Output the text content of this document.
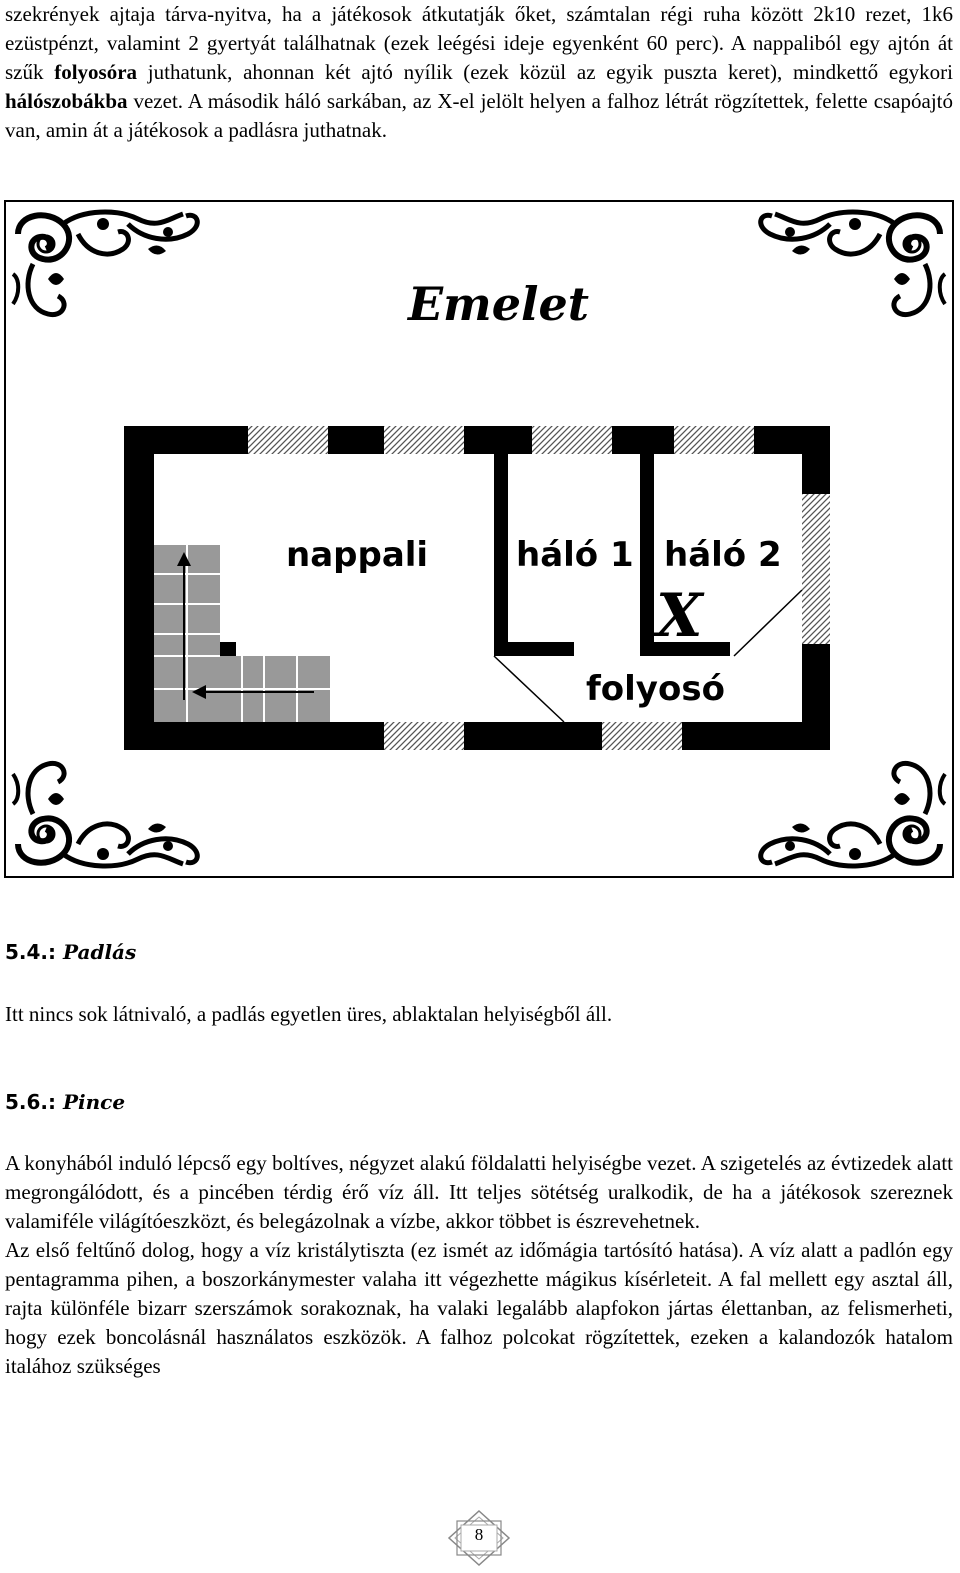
szekrények ajtaja tárva-nyitva, ha a játékosok átkutatják őket, számtalan régi ruha között 2k10 rezet, 1k6 ezüstpénzt, valamint 2 gyertyát találhatnak (ezek leégési ideje egyenként 60 perc). A nappaliból egy ajtón át szűk folyosóra juthatunk, ahonnan két ajtó nyílik (ezek közül az egyik puszta keret), mindkettő egykori hálószobákba vezet. A második háló sarkában, az X-el jelölt helyen a falhoz létrát rögzítettek, felette csapóajtó van, amin át a játékosok a padlásra juthatnak.

Emelet
nappali	háló 1 háló 2
folyosó
X
5.4.: Padlás

Itt nincs sok látnivaló, a padlás egyetlen üres, ablaktalan helyiségből áll.

5.6.: Pince
A konyhából induló lépcső egy boltíves, négyzet alakú földalatti helyiségbe vezet. A szigetelés az évtizedek alatt megrongálódott, és a pincében térdig érő víz áll. Itt teljes sötétség uralkodik, de ha a játékosok szereznek valamiféle világítóeszközt, és belegázolnak a vízbe, akkor többet is észrevehetnek.
Az első feltűnő dolog, hogy a víz kristálytiszta (ez ismét az időmágia tartósító hatása). A víz alatt a padlón egy pentagramma pihen, a boszorkánymester valaha itt végezhette mágikus kísérleteit. A fal mellett egy asztal áll, rajta különféle bizarr szerszámok sorakoznak, ha valaki legalább alapfokon jártas élettanban, az felismerheti, hogy ezek boncolásnál használatos eszközök. A falhoz polcokat rögzítettek, ezeken a kalandozók hatalom italához szükséges
8
